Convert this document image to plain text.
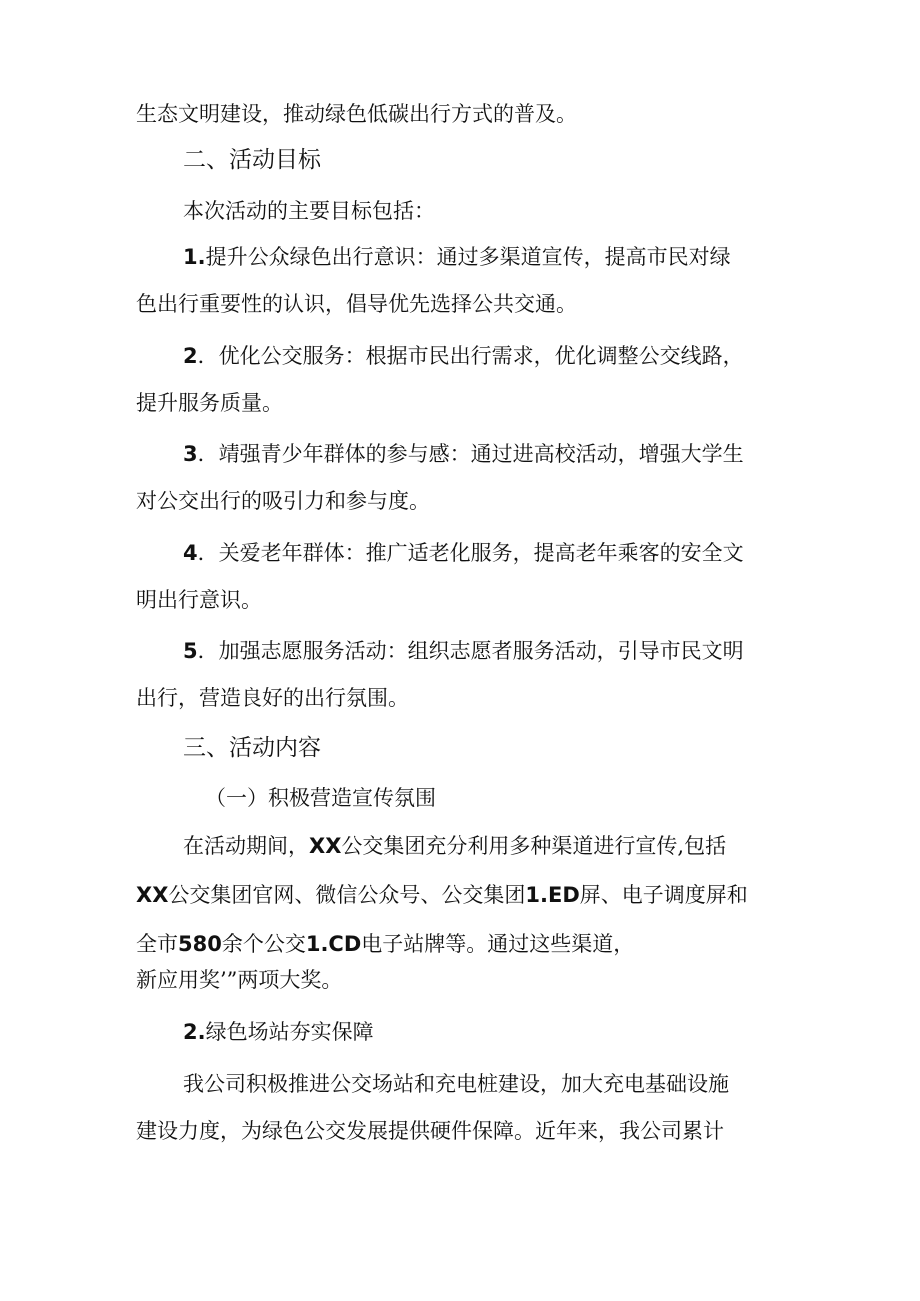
生态文明建设，推动绿色低碳出行方式的普及。
二、活动目标
本次活动的主要目标包括：
1.提升公众绿色出行意识：通过多渠道宣传，提高市民对绿
色出行重要性的认识，倡导优先选择公共交通。
2．优化公交服务：根据市民出行需求，优化调整公交线路，
提升服务质量。
3．靖强青少年群体的参与感：通过进高校活动，增强大学生
对公交出行的吸引力和参与度。
4．关爱老年群体：推广适老化服务，提高老年乘客的安全文
明出行意识。
5．加强志愿服务活动：组织志愿者服务活动，引导市民文明
出行，营造良好的出行氛围。
三、活动内容
（一）积极营造宣传氛围
在活动期间，XX公交集团充分利用多种渠道进行宣传,包括
XX公交集团官网、微信公众号、公交集团1.ED屏、电子调度屏和
全市580余个公交1.CD电子站牌等。通过这些渠道，
新应用奖’”两项大奖。
2.绿色场站夯实保障
我公司积极推进公交场站和充电桩建设，加大充电基础设施
建设力度，为绿色公交发展提供硬件保障。近年来，我公司累计
